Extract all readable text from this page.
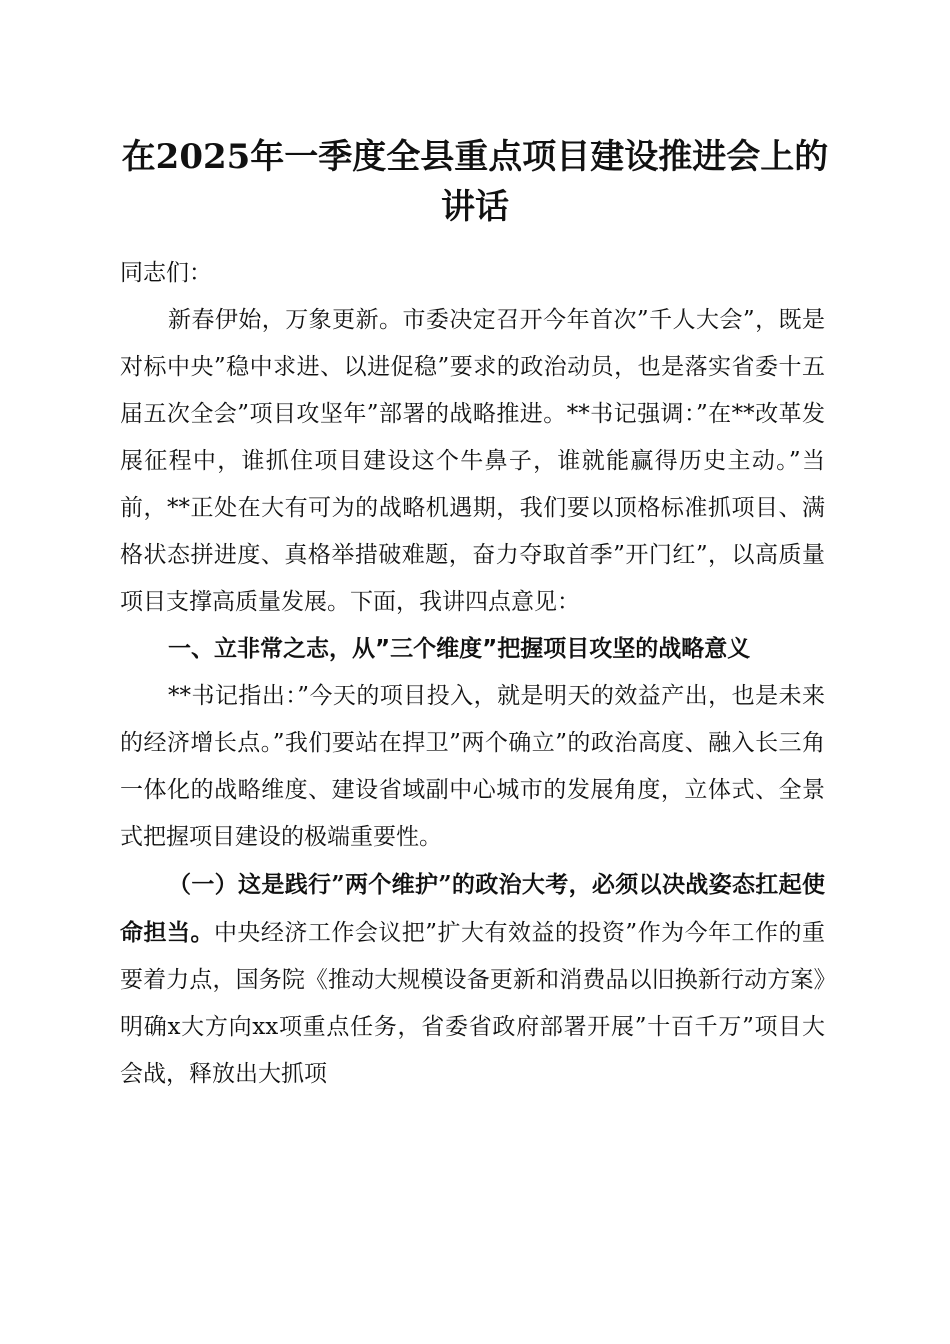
在2025年一季度全县重点项目建设推进会上的讲话

同志们：

新春伊始，万象更新。市委决定召开今年首次”千人大会”，既是对标中央”稳中求进、以进促稳”要求的政治动员，也是落实省委十五届五次全会”项目攻坚年”部署的战略推进。**书记强调：”在**改革发展征程中，谁抓住项目建设这个牛鼻子，谁就能赢得历史主动。”当前，**正处在大有可为的战略机遇期，我们要以顶格标准抓项目、满格状态拼进度、真格举措破难题，奋力夺取首季”开门红”，以高质量项目支撑高质量发展。下面，我讲四点意见：

一、立非常之志，从”三个维度”把握项目攻坚的战略意义

**书记指出：”今天的项目投入，就是明天的效益产出，也是未来的经济增长点。”我们要站在捍卫”两个确立”的政治高度、融入长三角一体化的战略维度、建设省域副中心城市的发展角度，立体式、全景式把握项目建设的极端重要性。

（一）这是践行”两个维护”的政治大考，必须以决战姿态扛起使命担当。中央经济工作会议把”扩大有效益的投资”作为今年工作的重要着力点，国务院《推动大规模设备更新和消费品以旧换新行动方案》明确x大方向xx项重点任务，省委省政府部署开展”十百千万”项目大会战，释放出大抓项
